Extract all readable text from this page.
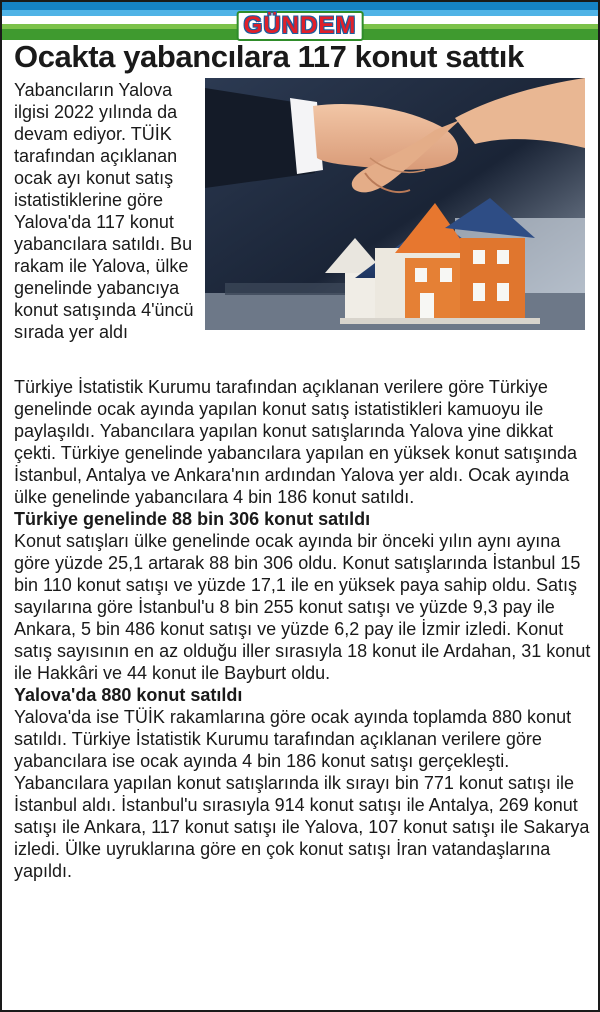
GÜNDEM
Ocakta yabancılara 117 konut sattık

Yabancıların Yalova ilgisi 2022 yılında da devam ediyor. TÜİK tarafından açıklanan ocak ayı konut satış istatistiklerine göre Yalova'da 117 konut yabancılara satıldı. Bu rakam ile Yalova, ülke genelinde yabancıya konut satışında 4'üncü sırada yer aldı

Türkiye İstatistik Kurumu tarafından açıklanan verilere göre Türkiye genelinde ocak ayında yapılan konut satış istatistikleri kamuoyu ile paylaşıldı. Yabancılara yapılan konut satışlarında Yalova yine dikkat çekti. Türkiye genelinde yabancılara yapılan en yüksek konut satışında İstanbul, Antalya ve Ankara'nın ardından Yalova yer aldı. Ocak ayında ülke genelinde yabancılara 4 bin 186 konut satıldı.

Türkiye genelinde 88 bin 306 konut satıldı

Konut satışları ülke genelinde ocak ayında bir önceki yılın aynı ayına göre yüzde 25,1 artarak 88 bin 306 oldu. Konut satışlarında İstanbul 15 bin 110 konut satışı ve yüzde 17,1 ile en yüksek paya sahip oldu. Satış sayılarına göre İstanbul'u 8 bin 255 konut satışı ve yüzde 9,3 pay ile Ankara, 5 bin 486 konut satışı ve yüzde 6,2 pay ile İzmir izledi. Konut satış sayısının en az olduğu iller sırasıyla 18 konut ile Ardahan, 31 konut ile Hakkâri ve 44 konut ile Bayburt oldu.

Yalova'da 880 konut satıldı

Yalova'da ise TÜİK rakamlarına göre ocak ayında toplamda 880 konut satıldı. Türkiye İstatistik Kurumu tarafından açıklanan verilere göre yabancılara ise ocak ayında 4 bin 186 konut satışı gerçekleşti. Yabancılara yapılan konut satışlarında ilk sırayı bin 771 konut satışı ile İstanbul aldı. İstanbul'u sırasıyla 914 konut satışı ile Antalya, 269 konut satışı ile Ankara, 117 konut satışı ile Yalova, 107 konut satışı ile Sakarya izledi. Ülke uyruklarına göre en çok konut satışı İran vatandaşlarına yapıldı.
